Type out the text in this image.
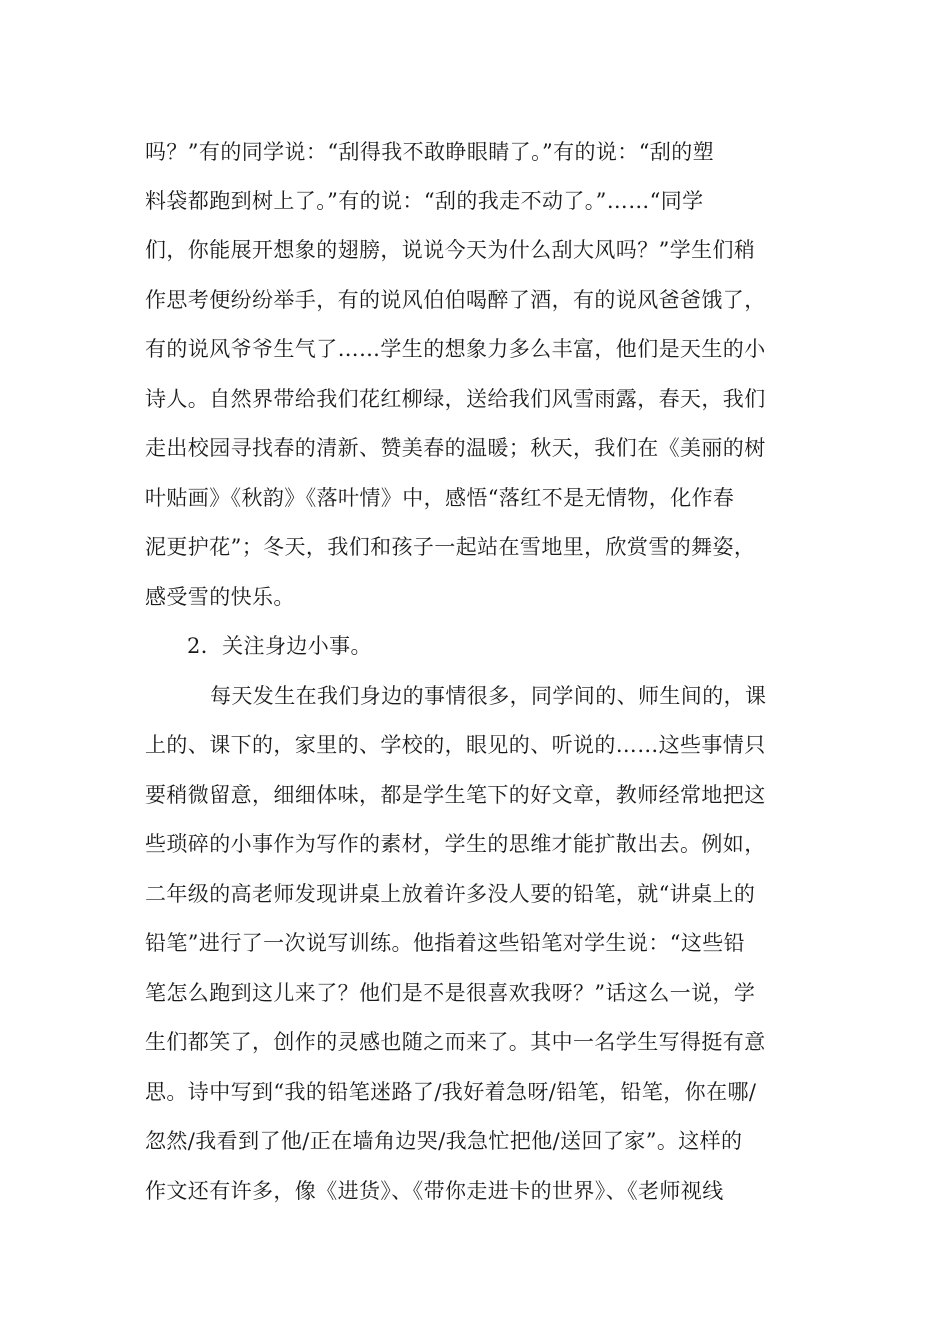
吗？”有的同学说：“刮得我不敢睁眼睛了。”有的说：“刮的塑
料袋都跑到树上了。”有的说：“刮的我走不动了。”……“同学
们，你能展开想象的翅膀，说说今天为什么刮大风吗？”学生们稍
作思考便纷纷举手，有的说风伯伯喝醉了酒，有的说风爸爸饿了，
有的说风爷爷生气了……学生的想象力多么丰富，他们是天生的小
诗人。自然界带给我们花红柳绿，送给我们风雪雨露，春天，我们
走出校园寻找春的清新、赞美春的温暖；秋天，我们在《美丽的树
叶贴画》《秋韵》《落叶情》中，感悟“落红不是无情物，化作春
泥更护花”；冬天，我们和孩子一起站在雪地里，欣赏雪的舞姿，
感受雪的快乐。
2．关注身边小事。
每天发生在我们身边的事情很多，同学间的、师生间的，课
上的、课下的，家里的、学校的，眼见的、听说的……这些事情只
要稍微留意，细细体味，都是学生笔下的好文章，教师经常地把这
些琐碎的小事作为写作的素材，学生的思维才能扩散出去。例如，
二年级的高老师发现讲桌上放着许多没人要的铅笔，就“讲桌上的
铅笔”进行了一次说写训练。他指着这些铅笔对学生说：“这些铅
笔怎么跑到这儿来了？他们是不是很喜欢我呀？”话这么一说，学
生们都笑了，创作的灵感也随之而来了。其中一名学生写得挺有意
思。诗中写到“我的铅笔迷路了/我好着急呀/铅笔，铅笔，你在哪/
忽然/我看到了他/正在墙角边哭/我急忙把他/送回了家”。这样的
作文还有许多，像《进货》、《带你走进卡的世界》、《老师视线
